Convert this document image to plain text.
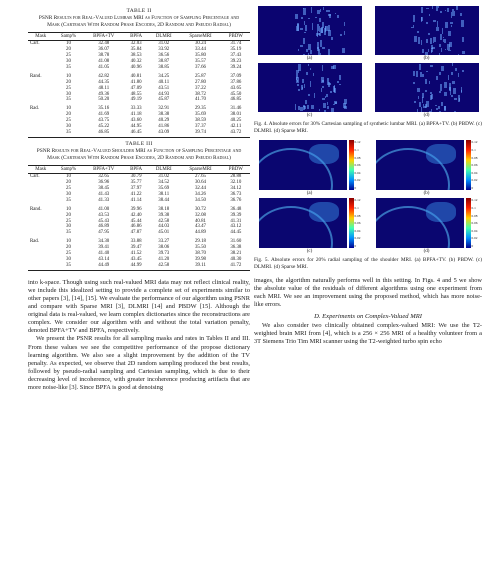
TABLE II
PSNR Results for Real-Valued Lumbar MRI as Function of Sampling Percentage and Mask (Cartesian With Random Phase Encodes, 2D Random and Pseudo Radial)
Mask	Samp%	BPFA+TV	BPFA	DLMRI	SparseMRI	PBDW
Cart.	10	32.48	32.03	31.02	30.24	31.74
	20	36.07	35.84	33.92	33.44	35.19
	25	38.78	38.53	36.56	35.80	37.43
	30	41.08	40.32	38.87	35.57	39.23
	35	41.05	40.96	38.85	37.66	39.24
Rand.	10	42.82	40.81	34.25	25.87	37.09
	20	44.35	41.80	40.11	27.80	37.86
	25	48.11	47.09	43.51	37.22	43.65
	30	49.36	48.55	44.93	38.72	45.50
	35	50.20	49.19	45.87	41.70	46.85
Rad.	10	35.16	33.33	32.91	29.35	31.46
	20	41.69	41.18	38.38	35.69	38.01
	25	43.75	43.60	40.29	38.59	40.25
	30	45.22	44.95	41.86	37.37	42.11
	35	46.85	46.45	43.09	39.74	43.72
TABLE III
PSNR Results for Real-Valued Shoulder MRI as Function of Sampling Percentage and Mask (Cartesian With Random Phase Encodes, 2D Random and Pseudo Radial)
Mask	Samp%	BPFA+TV	BPFA	DLMRI	SparseMRI	PBDW
Cart.	10	32.65	30.79	31.02	27.65	28.88
	20	36.96	35.77	34.52	30.64	32.10
	25	38.45	37.97	35.69	32.44	34.12
	30	41.43	41.22	38.11	34.26	36.73
	35	41.33	41.14	38.44	34.50	36.76
Rand.	10	41.00	39.96	38.18	30.72	36.48
	20	43.53	42.40	39.38	32.08	39.39
	25	45.43	45.44	42.58	40.81	41.31
	30	46.89	46.86	44.03	43.47	43.12
	35	47.95	47.87	45.01	44.89	44.45
Rad.	10	34.30	33.88	33.27	29.18	31.60
	20	39.41	39.47	38.06	35.50	36.38
	25	41.40	41.52	39.73	38.70	38.21
	30	43.14	43.45	41.20	39.98	40.30
	35	44.49	44.99	42.58	39.11	41.72

into k-space. Though using such real-valued MRI data may not reflect clinical reality, we include this idealized setting to provide a complete set of experiments similar to other papers [3], [14], [15]. We evaluate the performance of our algorithm using PSNR and compare with Sparse MRI [3], DLMRI [14] and PBDW [15]. Although the original data is real-valued, we learn complex dictionaries since the reconstructions are complex. We consider our algorithm with and without the total variation penalty, denoted BPFA+TV and BPFA, respectively.

We present the PSNR results for all sampling masks and rates in Tables II and III. From these values we see the competitive performance of the propose dictionary learning algorithm. We also see a slight improvement by the addition of the TV penalty. As expected, we observe that 2D random sampling produced the best results, followed by pseudo-radial sampling and Cartesian sampling, which is due to their decreasing level of incoherence, with greater incoherence producing artifacts that are more noise-like [3]. Since BPFA is good at denoising

(a)	(b)
(c)	(d)
Fig. 4. Absolute errors for 30% Cartesian sampling of synthetic lumbar MRI. (a) BPFA+TV. (b) PBDW. (c) DLMRI. (d) Sparse MRI.
0.12
0.1
0.08
0.06
0.04
0.02
0
(a)
0.12
0.1
0.08
0.06
0.04
0.02
0
(b)
0.12
0.1
0.08
0.06
0.04
0.02
0
(c)
0.12
0.1
0.08
0.06
0.04
0.02
0
(d)
Fig. 5. Absolute errors for 20% radial sampling of the shoulder MRI. (a) BPFA+TV. (b) PBDW. (c) DLMRI. (d) Sparse MRI.

images, the algorithm naturally performs well in this setting. In Figs. 4 and 5 we show the absolute value of the residuals of different algorithms using one experiment from each MRI. We see an improvement using the proposed method, which has more noise-like errors.

D. Experiments on Complex-Valued MRI

We also consider two clinically obtained complex-valued MRI: We use the T2-weighted brain MRI from [4], which is a 256 × 256 MRI of a healthy volunteer from a 3T Siemens Trio Tim MRI scanner using the T2-weighted turbo spin echo
